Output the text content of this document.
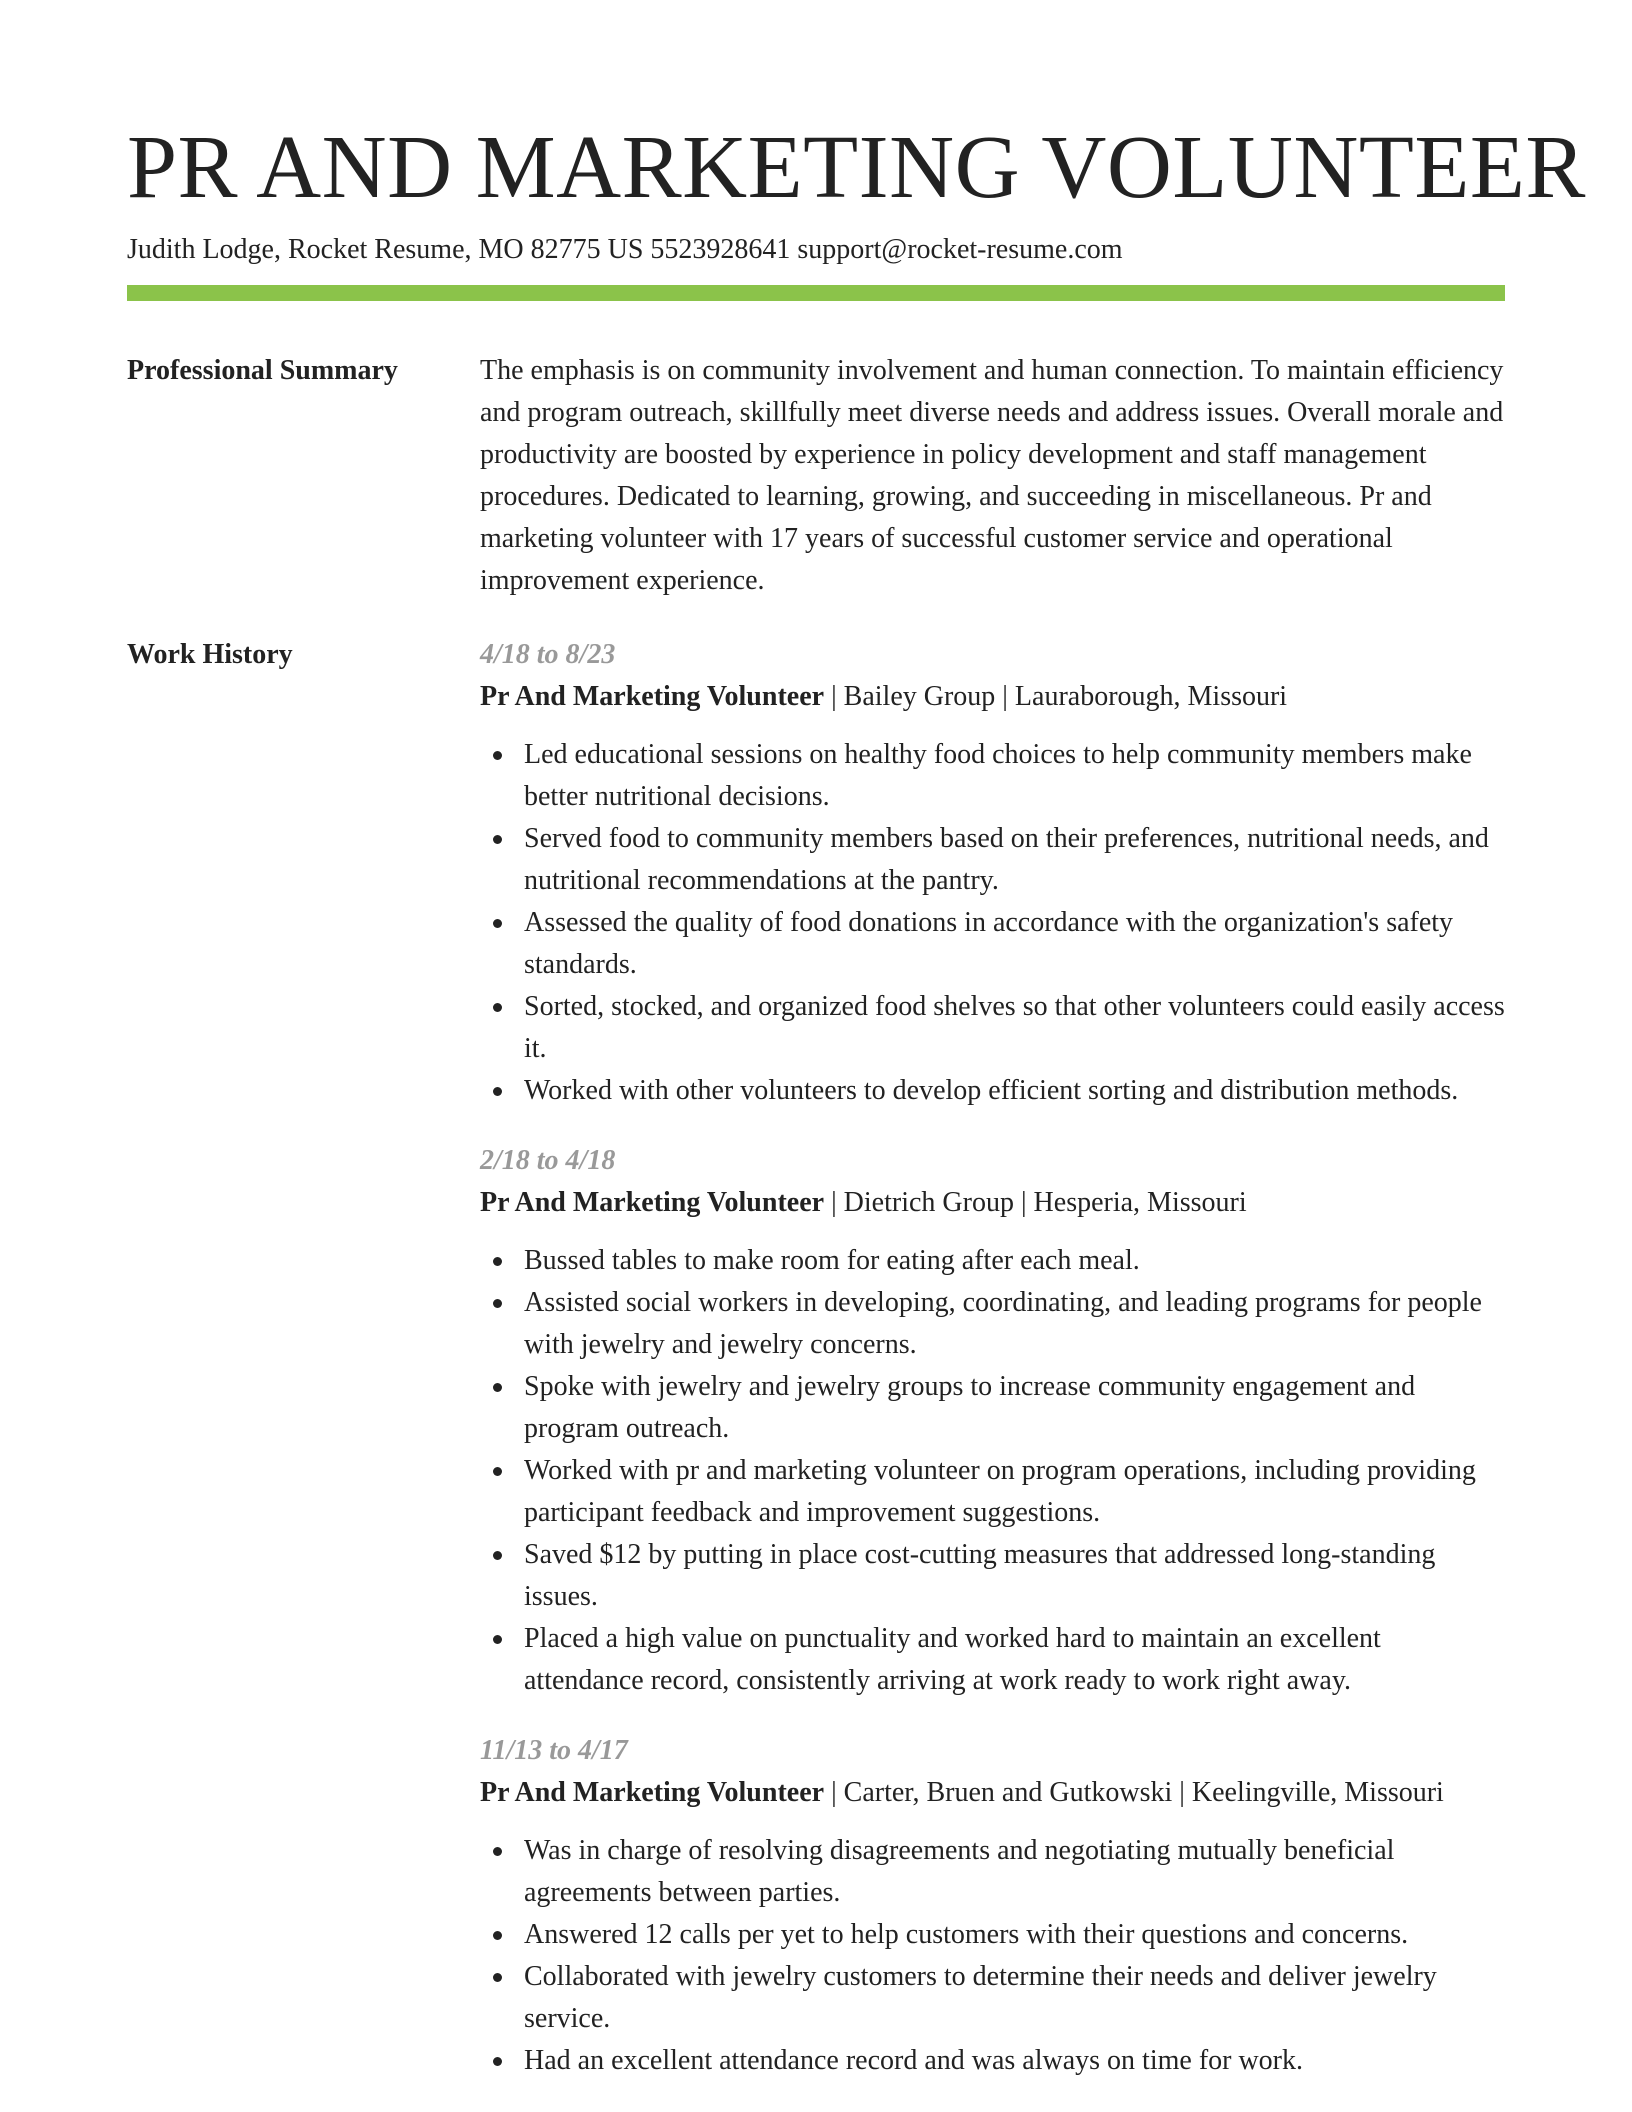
PR AND MARKETING VOLUNTEER
Judith Lodge, Rocket Resume, MO 82775 US 5523928641 support@rocket-resume.com
Professional Summary	The emphasis is on community involvement and human connection. To maintain efficiency and program outreach, skillfully meet diverse needs and address issues. Overall morale and productivity are boosted by experience in policy development and staff management procedures. Dedicated to learning, growing, and succeeding in miscellaneous. Pr and marketing volunteer with 17 years of successful customer service and operational improvement experience.

Work History	4/18 to 8/23
Pr And Marketing Volunteer | Bailey Group | Lauraborough, Missouri
Led educational sessions on healthy food choices to help community members make better nutritional decisions.
Served food to community members based on their preferences, nutritional needs, and nutritional recommendations at the pantry.
Assessed the quality of food donations in accordance with the organization's safety standards.
Sorted, stocked, and organized food shelves so that other volunteers could easily access it.
Worked with other volunteers to develop efficient sorting and distribution methods.
2/18 to 4/18
Pr And Marketing Volunteer | Dietrich Group | Hesperia, Missouri
Bussed tables to make room for eating after each meal.
Assisted social workers in developing, coordinating, and leading programs for people with jewelry and jewelry concerns.
Spoke with jewelry and jewelry groups to increase community engagement and program outreach.
Worked with pr and marketing volunteer on program operations, including providing participant feedback and improvement suggestions.
Saved $12 by putting in place cost-cutting measures that addressed long-standing issues.
Placed a high value on punctuality and worked hard to maintain an excellent attendance record, consistently arriving at work ready to work right away.
11/13 to 4/17
Pr And Marketing Volunteer | Carter, Bruen and Gutkowski | Keelingville, Missouri
Was in charge of resolving disagreements and negotiating mutually beneficial agreements between parties.
Answered 12 calls per yet to help customers with their questions and concerns.
Collaborated with jewelry customers to determine their needs and deliver jewelry service.
Had an excellent attendance record and was always on time for work.
